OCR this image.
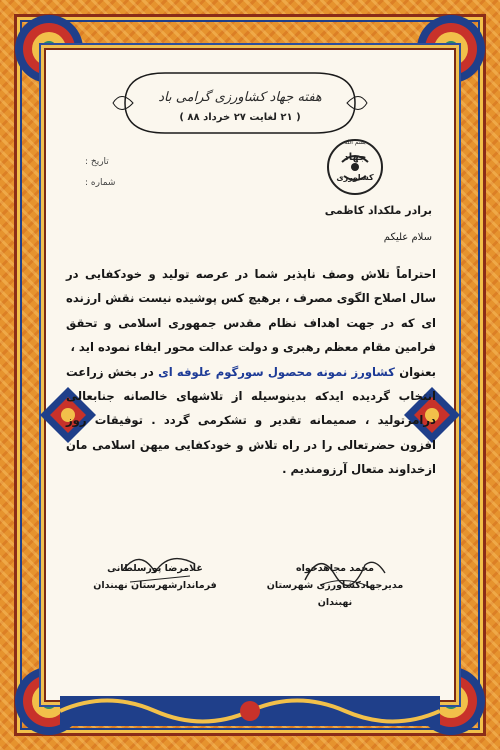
هفته جهاد کشاورزی گرامی باد
( ۲۱ لغایت ۲۷ خرداد ۸۸ )
تاریخ :
شماره :
بسم الله
جهاد
کشاورزی
برادر ملکداد کاظمی
سلام علیکم
احتراماً تلاش وصف ناپذیر شما در عرصه تولید و خودکفایی در سال اصلاح الگوی مصرف ، برهیچ کس پوشیده نیست نقش ارزنده ای که در جهت اهداف نظام مقدس جمهوری اسلامی و تحقق فرامین مقام معظم رهبری و دولت عدالت محور ایفاء نموده اید ،
بعنوان کشاورز نمونه محصول سورگوم علوفه ای در بخش زراعت انتخاب گردیده ایدکه بدینوسیله از تلاشهای خالصانه جنابعالی درامرتولید ، صمیمانه تقدیر و تشکرمی گردد . توفیقات روز افزون حضرتعالی را در راه تلاش و خودکفایی میهن اسلامی مان ازخداوند متعال آرزومندیم .
محمد مجاهدخواه
مدیرجهادکشاورزی شهرستان نهبندان
غلامرضا پورسلطانی
فرماندارشهرستان نهبندان
